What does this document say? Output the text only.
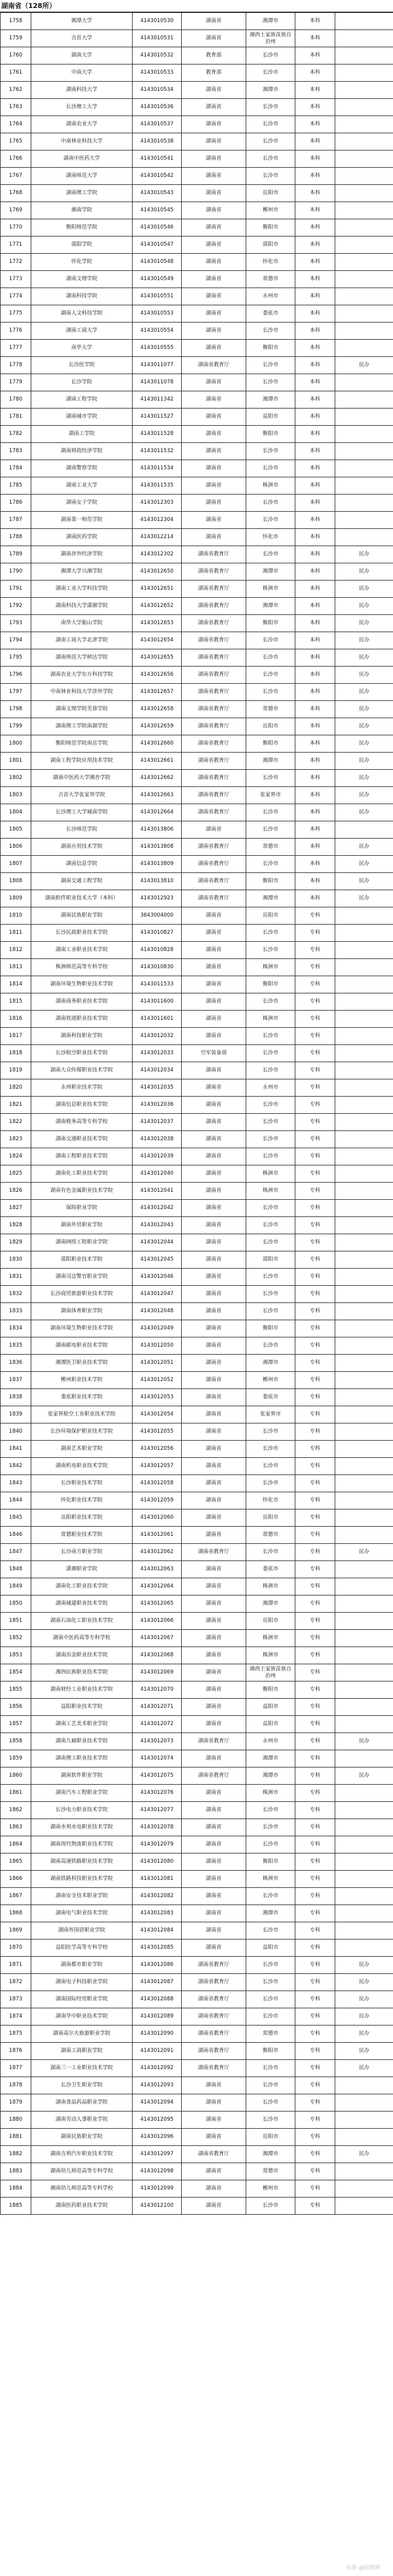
湖南省（128所）
1758	湘潭大学	4143010530	湖南省	湘潭市	本科	
1759	吉首大学	4143010531	湖南省	湘西土家族苗族自治州	本科	
1760	湖南大学	4143010532	教育部	长沙市	本科	
1761	中南大学	4143010533	教育部	长沙市	本科	
1762	湖南科技大学	4143010534	湖南省	湘潭市	本科	
1763	长沙理工大学	4143010536	湖南省	长沙市	本科	
1764	湖南农业大学	4143010537	湖南省	长沙市	本科	
1765	中南林业科技大学	4143010538	湖南省	长沙市	本科	
1766	湖南中医药大学	4143010541	湖南省	长沙市	本科	
1767	湖南师范大学	4143010542	湖南省	长沙市	本科	
1768	湖南理工学院	4143010543	湖南省	岳阳市	本科	
1769	湘南学院	4143010545	湖南省	郴州市	本科	
1770	衡阳师范学院	4143010546	湖南省	衡阳市	本科	
1771	邵阳学院	4143010547	湖南省	邵阳市	本科	
1772	怀化学院	4143010548	湖南省	怀化市	本科	
1773	湖南文理学院	4143010549	湖南省	常德市	本科	
1774	湖南科技学院	4143010551	湖南省	永州市	本科	
1775	湖南人文科技学院	4143010553	湖南省	娄底市	本科	
1776	湖南工商大学	4143010554	湖南省	长沙市	本科	
1777	南华大学	4143010555	湖南省	衡阳市	本科	
1778	长沙医学院	4143011077	湖南省教育厅	长沙市	本科	民办
1779	长沙学院	4143011078	湖南省	长沙市	本科	
1780	湖南工程学院	4143011342	湖南省	湘潭市	本科	
1781	湖南城市学院	4143011527	湖南省	益阳市	本科	
1782	湖南工学院	4143011528	湖南省	衡阳市	本科	
1783	湖南财政经济学院	4143011532	湖南省	长沙市	本科	
1784	湖南警察学院	4143011534	湖南省	长沙市	本科	
1785	湖南工业大学	4143011535	湖南省	株洲市	本科	
1786	湖南女子学院	4143012303	湖南省	长沙市	本科	
1787	湖南第一师范学院	4143012304	湖南省	长沙市	本科	
1788	湖南医药学院	4143012214	湖南省	怀化市	本科	
1789	湖南涉外经济学院	4143012302	湖南省教育厅	长沙市	本科	民办
1790	湘潭大学兴湘学院	4143012650	湖南省教育厅	湘潭市	本科	民办
1791	湖南工业大学科技学院	4143012651	湖南省教育厅	株洲市	本科	民办
1792	湖南科技大学潇湘学院	4143012652	湖南省教育厅	湘潭市	本科	民办
1793	南华大学船山学院	4143012653	湖南省教育厅	衡阳市	本科	民办
1794	湖南工商大学北津学院	4143012654	湖南省教育厅	长沙市	本科	民办
1795	湖南师范大学树达学院	4143012655	湖南省教育厅	长沙市	本科	民办
1796	湖南农业大学东方科技学院	4143012656	湖南省教育厅	长沙市	本科	民办
1797	中南林业科技大学涉外学院	4143012657	湖南省教育厅	长沙市	本科	民办
1798	湖南文理学院芙蓉学院	4143012658	湖南省教育厅	常德市	本科	民办
1799	湖南理工学院南湖学院	4143012659	湖南省教育厅	岳阳市	本科	民办
1800	衡阳师范学院南岳学院	4143012660	湖南省教育厅	衡阳市	本科	民办
1801	湖南工程学院应用技术学院	4143012661	湖南省教育厅	湘潭市	本科	民办
1802	湖南中医药大学湘杏学院	4143012662	湖南省教育厅	长沙市	本科	民办
1803	吉首大学张家界学院	4143012663	湖南省教育厅	张家界市	本科	民办
1804	长沙理工大学城南学院	4143012664	湖南省教育厅	长沙市	本科	民办
1805	长沙师范学院	4143013806	湖南省	长沙市	本科	
1806	湖南应用技术学院	4143013808	湖南省教育厅	常德市	本科	民办
1807	湖南信息学院	4143013809	湖南省教育厅	长沙市	本科	民办
1808	湖南交通工程学院	4143013810	湖南省教育厅	衡阳市	本科	民办
1809	湖南软件职业技术大学（本科）	4143012923	湖南省教育厅	湘潭市	本科	民办
1810	湖南民族职业学院	3643004000	湖南省	岳阳市	专科	
1811	长沙民政职业技术学院	4143010827	湖南省	长沙市	专科	
1812	湖南工业职业技术学院	4143010828	湖南省	长沙市	专科	
1813	株洲师范高等专科学校	4143010830	湖南省	株洲市	专科	
1814	湖南环境生物职业技术学院	4143011533	湖南省	衡阳市	专科	
1815	湖南商务职业技术学院	4143011600	湖南省	长沙市	专科	
1816	湖南铁道职业技术学院	4143011601	湖南省	株洲市	专科	
1817	湖南科技职业学院	4143012032	湖南省	长沙市	专科	
1818	长沙航空职业技术学院	4143012033	空军装备部	长沙市	专科	
1819	湖南大众传媒职业技术学院	4143012034	湖南省	长沙市	专科	
1820	永州职业技术学院	4143012035	湖南省	永州市	专科	
1821	湖南信息职业技术学院	4143012036	湖南省	长沙市	专科	
1822	湖南税务高等专科学校	4143012037	湖南省	长沙市	专科	
1823	湖南交通职业技术学院	4143012038	湖南省	长沙市	专科	
1824	湖南工程职业技术学院	4143012039	湖南省	长沙市	专科	
1825	湖南化工职业技术学院	4143012040	湖南省	株洲市	专科	
1826	湖南有色金属职业技术学院	4143012041	湖南省	株洲市	专科	
1827	保险职业学院	4143012042	湖南省	长沙市	专科	
1828	湖南外贸职业学院	4143012043	湖南省	长沙市	专科	
1829	湖南网络工程职业学院	4143012044	湖南省	长沙市	专科	
1830	邵阳职业技术学院	4143012045	湖南省	邵阳市	专科	
1831	湖南司法警官职业学院	4143012046	湖南省	长沙市	专科	
1832	长沙商贸旅游职业技术学院	4143012047	湖南省	长沙市	专科	
1833	湖南体育职业学院	4143012048	湖南省	长沙市	专科	
1834	湖南环境生物职业技术学院	4143012049	湖南省	衡阳市	专科	
1835	湖南邮电职业技术学院	4143012050	湖南省	长沙市	专科	
1836	湘潭医卫职业技术学院	4143012051	湖南省	湘潭市	专科	
1837	郴州职业技术学院	4143012052	湖南省	郴州市	专科	
1838	娄底职业技术学院	4143012053	湖南省	娄底市	专科	
1839	张家界航空工业职业技术学院	4143012054	湖南省	张家界市	专科	
1840	长沙环境保护职业技术学院	4143012055	湖南省	长沙市	专科	
1841	湖南艺术职业学院	4143012056	湖南省	长沙市	专科	
1842	湖南机电职业技术学院	4143012057	湖南省	长沙市	专科	
1843	长沙职业技术学院	4143012058	湖南省	长沙市	专科	
1844	怀化职业技术学院	4143012059	湖南省	怀化市	专科	
1845	岳阳职业技术学院	4143012060	湖南省	岳阳市	专科	
1846	常德职业技术学院	4143012061	湖南省	常德市	专科	
1847	长沙南方职业学院	4143012062	湖南省教育厅	长沙市	专科	民办
1848	潇湘职业学院	4143012063	湖南省	娄底市	专科	
1849	湖南化工职业技术学院	4143012064	湖南省	株洲市	专科	
1850	湖南城建职业技术学院	4143012065	湖南省	湘潭市	专科	
1851	湖南石油化工职业技术学院	4143012066	湖南省	岳阳市	专科	
1852	湖南中医药高等专科学校	4143012067	湖南省	株洲市	专科	
1853	湖南冶金职业技术学院	4143012068	湖南省	株洲市	专科	
1854	湘西民族职业技术学院	4143012069	湖南省	湘西土家族苗族自治州	专科	
1855	湖南财经工业职业技术学院	4143012070	湖南省	衡阳市	专科	
1856	益阳职业技术学院	4143012071	湖南省	益阳市	专科	
1857	湖南工艺美术职业学院	4143012072	湖南省	益阳市	专科	
1858	湖南九嶷职业技术学院	4143012073	湖南省教育厅	永州市	专科	民办
1859	湖南理工职业技术学院	4143012074	湖南省	湘潭市	专科	
1860	湖南软件职业学院	4143012075	湖南省教育厅	湘潭市	专科	民办
1861	湖南汽车工程职业学院	4143012076	湖南省	株洲市	专科	
1862	长沙电力职业技术学院	4143012077	湖南省	长沙市	专科	
1863	湖南水利水电职业技术学院	4143012078	湖南省	长沙市	专科	
1864	湖南现代物流职业技术学院	4143012079	湖南省	长沙市	专科	
1865	湖南高速铁路职业技术学院	4143012080	湖南省	衡阳市	专科	
1866	湖南铁路科技职业技术学院	4143012081	湖南省	株洲市	专科	
1867	湖南安全技术职业学院	4143012082	湖南省	长沙市	专科	
1868	湖南电气职业技术学院	4143012083	湖南省	湘潭市	专科	
1869	湖南外国语职业学院	4143012084	湖南省	长沙市	专科	
1870	益阳医学高等专科学校	4143012085	湖南省	益阳市	专科	
1871	湖南都市职业学院	4143012086	湖南省教育厅	长沙市	专科	民办
1872	湖南电子科技职业学院	4143012087	湖南省教育厅	长沙市	专科	民办
1873	湖南国际经贸职业学院	4143012088	湖南省教育厅	长沙市	专科	民办
1874	湖南华中职业技术学院	4143012089	湖南省教育厅	长沙市	专科	民办
1875	湖南高尔夫旅游职业学院	4143012090	湖南省教育厅	常德市	专科	民办
1876	湖南工商职业学院	4143012091	湖南省教育厅	衡阳市	专科	民办
1877	湖南三一工业职业技术学院	4143012092	湖南省教育厅	长沙市	专科	民办
1878	长沙卫生职业学院	4143012093	湖南省	长沙市	专科	
1879	湖南食品药品职业学院	4143012094	湖南省	长沙市	专科	
1880	湖南劳动人事职业学院	4143012095	湖南省	长沙市	专科	
1881	湖南民族职业学院	4143012096	湖南省	岳阳市	专科	
1882	湖南吉利汽车职业技术学院	4143012097	湖南省教育厅	湘潭市	专科	民办
1883	湖南幼儿师范高等专科学校	4143012098	湖南省	常德市	专科	
1884	湘南幼儿师范高等专科学校	4143012099	湖南省	郴州市	专科	
1885	湖南医药职业技术学院	4143012100	湖南省	长沙市	专科	
头条 @院校库
